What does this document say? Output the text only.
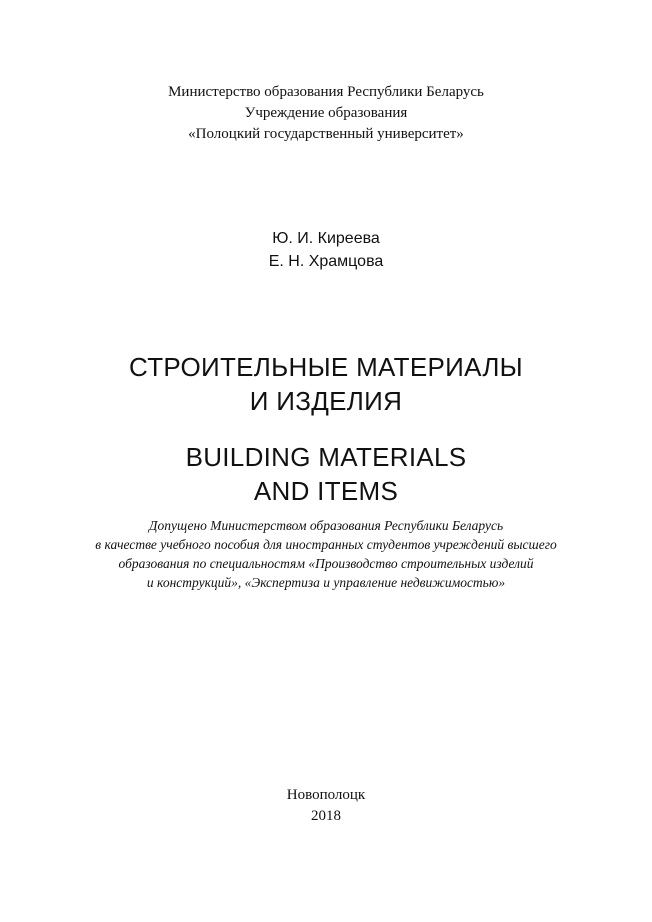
Министерство образования Республики Беларусь
Учреждение образования
«Полоцкий государственный университет»
Ю. И. Киреева
Е. Н. Храмцова
СТРОИТЕЛЬНЫЕ МАТЕРИАЛЫ
И ИЗДЕЛИЯ
BUILDING MATERIALS
AND ITEMS
Допущено Министерством образования Республики Беларусь
в качестве учебного пособия для иностранных студентов учреждений высшего
образования по специальностям «Производство строительных изделий
и конструкций», «Экспертиза и управление недвижимостью»
Новополоцк
2018
